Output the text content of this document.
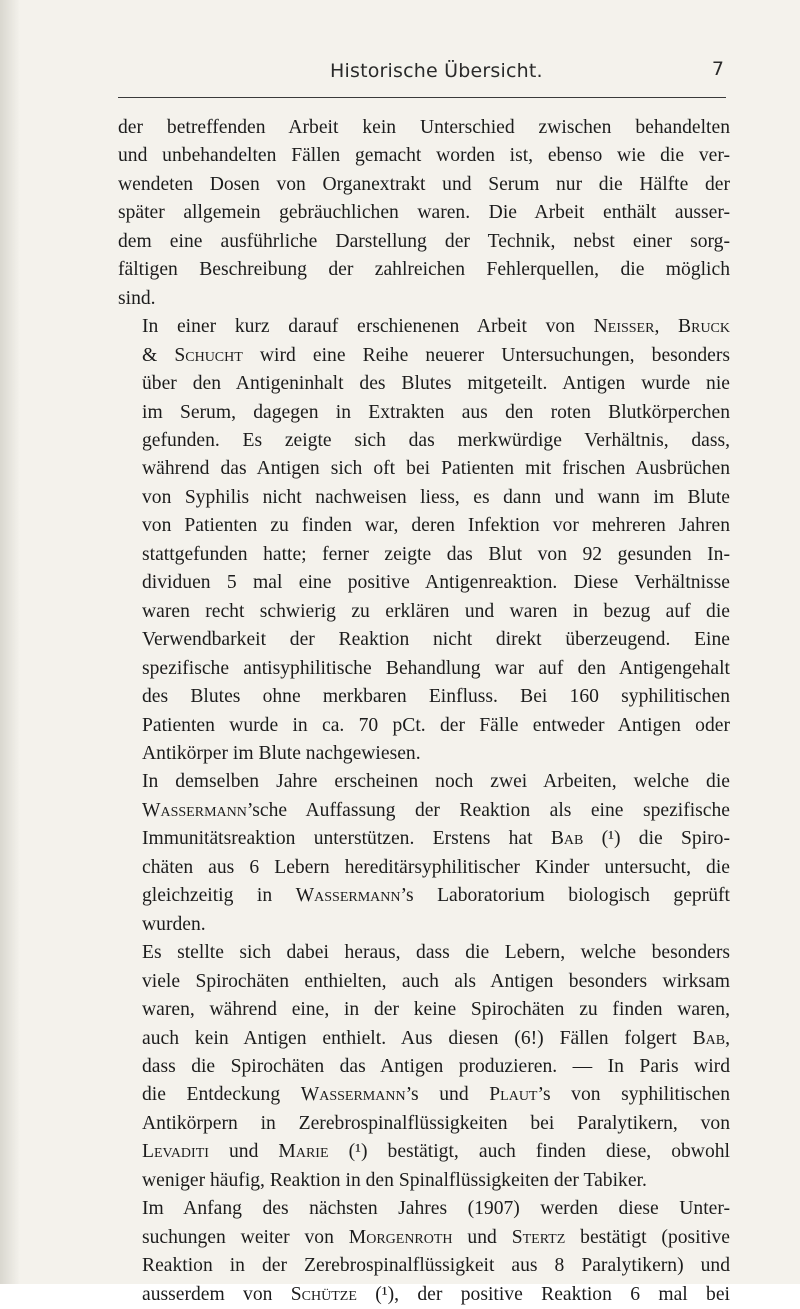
Historische Übersicht.	7
der betreffenden Arbeit kein Unterschied zwischen behandelten
und unbehandelten Fällen gemacht worden ist, ebenso wie die ver-
wendeten Dosen von Organextrakt und Serum nur die Hälfte der
später allgemein gebräuchlichen waren. Die Arbeit enthält ausser-
dem eine ausführliche Darstellung der Technik, nebst einer sorg-
fältigen Beschreibung der zahlreichen Fehlerquellen, die möglich
sind.
In einer kurz darauf erschienenen Arbeit von Neisser, Bruck
& Schucht wird eine Reihe neuerer Untersuchungen, besonders
über den Antigeninhalt des Blutes mitgeteilt. Antigen wurde nie
im Serum, dagegen in Extrakten aus den roten Blutkörperchen
gefunden. Es zeigte sich das merkwürdige Verhältnis, dass,
während das Antigen sich oft bei Patienten mit frischen Ausbrüchen
von Syphilis nicht nachweisen liess, es dann und wann im Blute
von Patienten zu finden war, deren Infektion vor mehreren Jahren
stattgefunden hatte; ferner zeigte das Blut von 92 gesunden In-
dividuen 5 mal eine positive Antigenreaktion. Diese Verhältnisse
waren recht schwierig zu erklären und waren in bezug auf die
Verwendbarkeit der Reaktion nicht direkt überzeugend. Eine
spezifische antisyphilitische Behandlung war auf den Antigengehalt
des Blutes ohne merkbaren Einfluss. Bei 160 syphilitischen
Patienten wurde in ca. 70 pCt. der Fälle entweder Antigen oder
Antikörper im Blute nachgewiesen.
In demselben Jahre erscheinen noch zwei Arbeiten, welche die
Wassermann’sche Auffassung der Reaktion als eine spezifische
Immunitätsreaktion unterstützen. Erstens hat Bab (¹) die Spiro-
chäten aus 6 Lebern hereditärsyphilitischer Kinder untersucht, die
gleichzeitig in Wassermann’s Laboratorium biologisch geprüft
wurden.
Es stellte sich dabei heraus, dass die Lebern, welche besonders
viele Spirochäten enthielten, auch als Antigen besonders wirksam
waren, während eine, in der keine Spirochäten zu finden waren,
auch kein Antigen enthielt. Aus diesen (6!) Fällen folgert Bab,
dass die Spirochäten das Antigen produzieren. — In Paris wird
die Entdeckung Wassermann’s und Plaut’s von syphilitischen
Antikörpern in Zerebrospinalflüssigkeiten bei Paralytikern, von
Levaditi und Marie (¹) bestätigt, auch finden diese, obwohl
weniger häufig, Reaktion in den Spinalflüssigkeiten der Tabiker.
Im Anfang des nächsten Jahres (1907) werden diese Unter-
suchungen weiter von Morgenroth und Stertz bestätigt (positive
Reaktion in der Zerebrospinalflüssigkeit aus 8 Paralytikern) und
ausserdem von Schütze (¹), der positive Reaktion 6 mal bei
